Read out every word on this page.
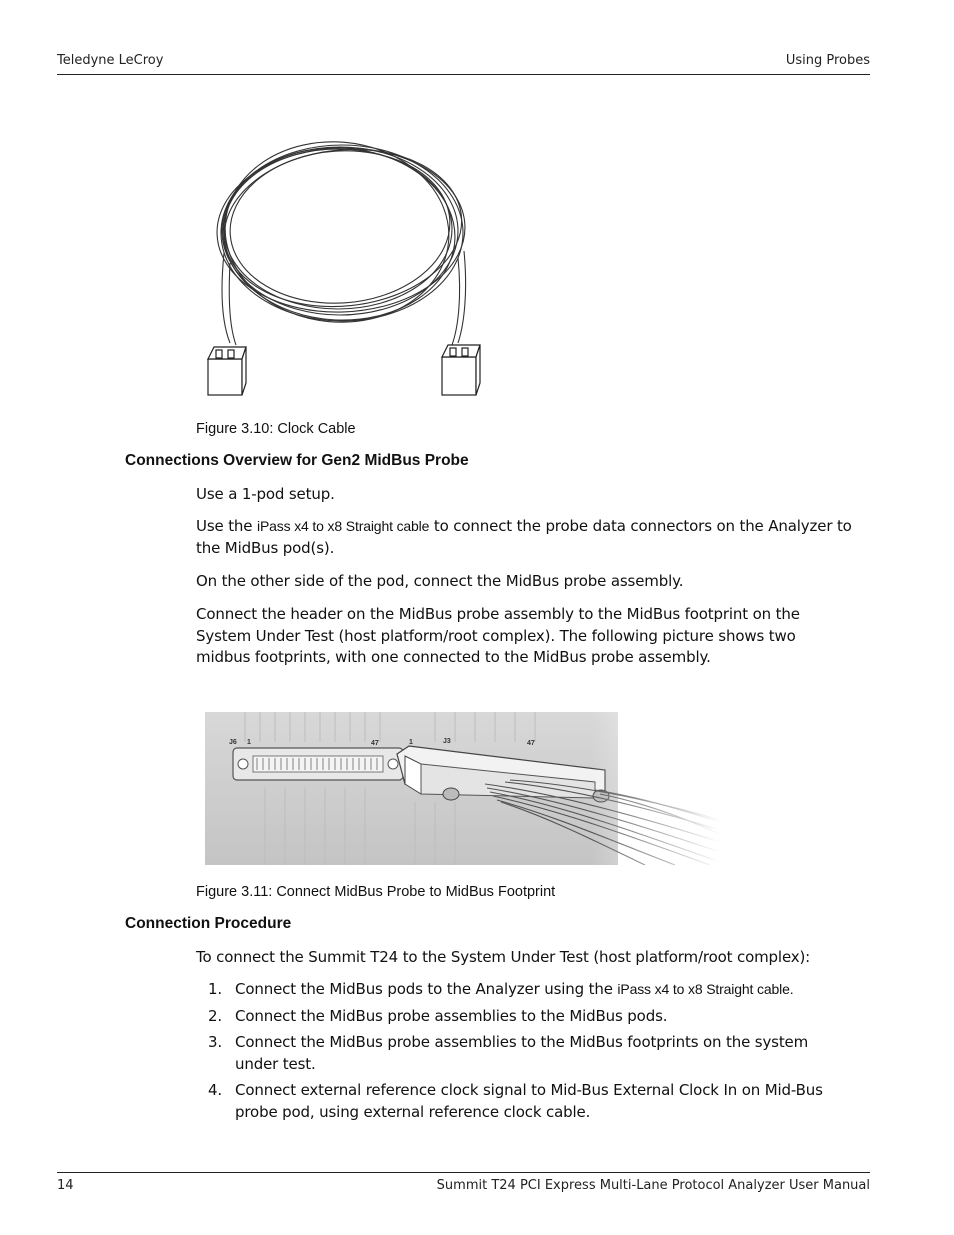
Teledyne LeCroy	Using Probes
Figure 3.10: Clock Cable
Connections Overview for Gen2 MidBus Probe
Use a 1-pod setup.
Use the iPass x4 to x8 Straight cable to connect the probe data connectors on the Analyzer to the MidBus pod(s).
On the other side of the pod, connect the MidBus probe assembly.
Connect the header on the MidBus probe assembly to the MidBus footprint on the System Under Test (host platform/root complex). The following picture shows two midbus footprints, with one connected to the MidBus probe assembly.
J6 1	47	1	J3	47
Figure 3.11: Connect MidBus Probe to MidBus Footprint
Connection Procedure
To connect the Summit T24 to the System Under Test (host platform/root complex):
1. Connect the MidBus pods to the Analyzer using the iPass x4 to x8 Straight cable.
2. Connect the MidBus probe assemblies to the MidBus pods.
3. Connect the MidBus probe assemblies to the MidBus footprints on the system under test.
4. Connect external reference clock signal to Mid-Bus External Clock In on Mid-Bus probe pod, using external reference clock cable.
14	Summit T24 PCI Express Multi-Lane Protocol Analyzer User Manual
